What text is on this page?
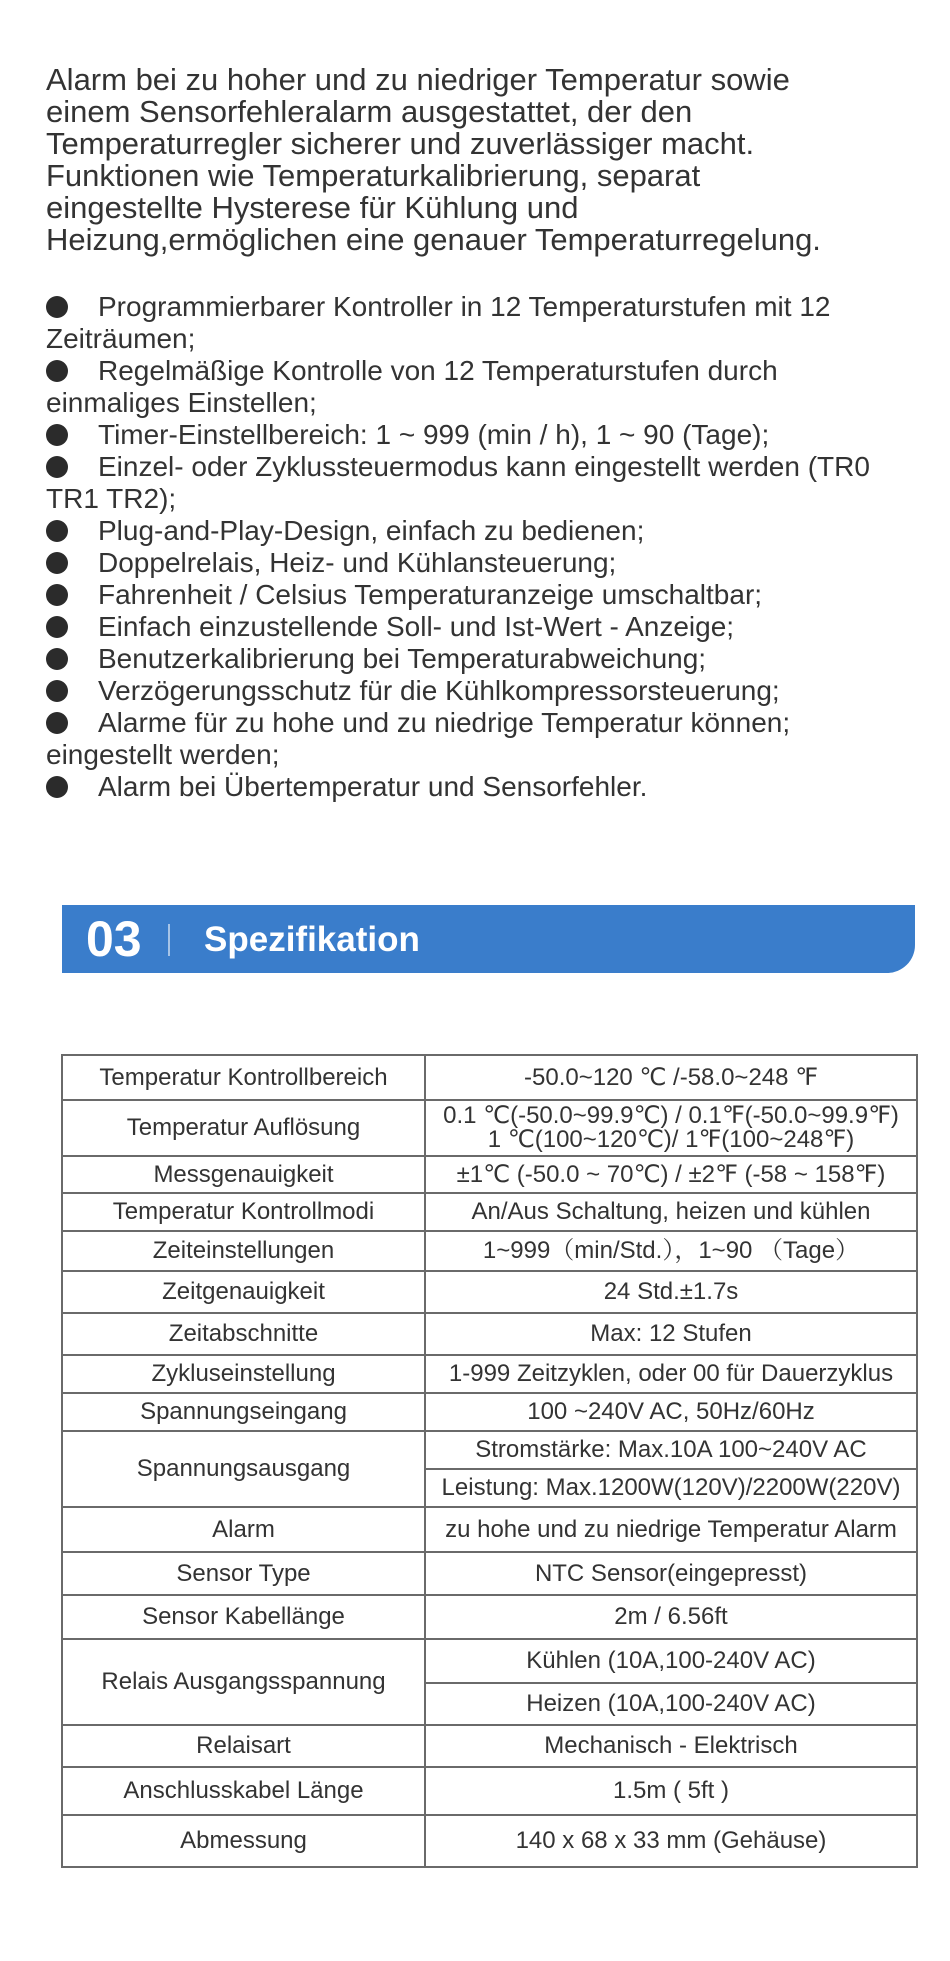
Alarm bei zu hoher und zu niedriger Temperatur sowie
einem Sensorfehleralarm ausgestattet, der den
Temperaturregler sicherer und zuverlässiger macht.
Funktionen wie Temperaturkalibrierung, separat
eingestellte Hysterese für Kühlung und
Heizung,ermöglichen eine genauer Temperaturregelung.
Programmierbarer Kontroller in 12 Temperaturstufen mit 12
Zeiträumen;
Regelmäßige Kontrolle von 12 Temperaturstufen durch
einmaliges Einstellen;
Timer-Einstellbereich: 1 ~ 999 (min / h), 1 ~ 90 (Tage);
Einzel- oder Zyklussteuermodus kann eingestellt werden (TR0
TR1 TR2);
Plug-and-Play-Design, einfach zu bedienen;
Doppelrelais, Heiz- und Kühlansteuerung;
Fahrenheit / Celsius Temperaturanzeige umschaltbar;
Einfach einzustellende Soll- und Ist-Wert - Anzeige;
Benutzerkalibrierung bei Temperaturabweichung;
Verzögerungsschutz für die Kühlkompressorsteuerung;
Alarme für zu hohe und zu niedrige Temperatur können;
eingestellt werden;
Alarm bei Übertemperatur und Sensorfehler.
03 Spezifikation
Temperatur Kontrollbereich	-50.0~120 ℃ /-58.0~248 ℉
Temperatur Auflösung	0.1 ℃(-50.0~99.9℃) / 0.1℉(-50.0~99.9℉)
1 ℃(100~120℃)/ 1℉(100~248℉)

Messgenauigkeit	±1℃ (-50.0 ~ 70℃) / ±2℉ (-58 ~ 158℉)
Temperatur Kontrollmodi	An/Aus Schaltung, heizen und kühlen
Zeiteinstellungen	1~999（min/Std.），1~90 （Tage）
Zeitgenauigkeit	24 Std.±1.7s
Zeitabschnitte	Max: 12 Stufen
Zykluseinstellung	1-999 Zeitzyklen, oder 00 für Dauerzyklus
Spannungseingang	100 ~240V AC, 50Hz/60Hz
Spannungsausgang	Stromstärke: Max.10A 100~240V AC
	Leistung: Max.1200W(120V)/2200W(220V)
Alarm	zu hohe und zu niedrige Temperatur Alarm
Sensor Type	NTC Sensor(eingepresst)
Sensor Kabellänge	2m / 6.56ft
Relais Ausgangsspannung	Kühlen (10A,100-240V AC)
	Heizen (10A,100-240V AC)
Relaisart	Mechanisch - Elektrisch
Anschlusskabel Länge	1.5m ( 5ft )
Abmessung	140 x 68 x 33 mm (Gehäuse)
